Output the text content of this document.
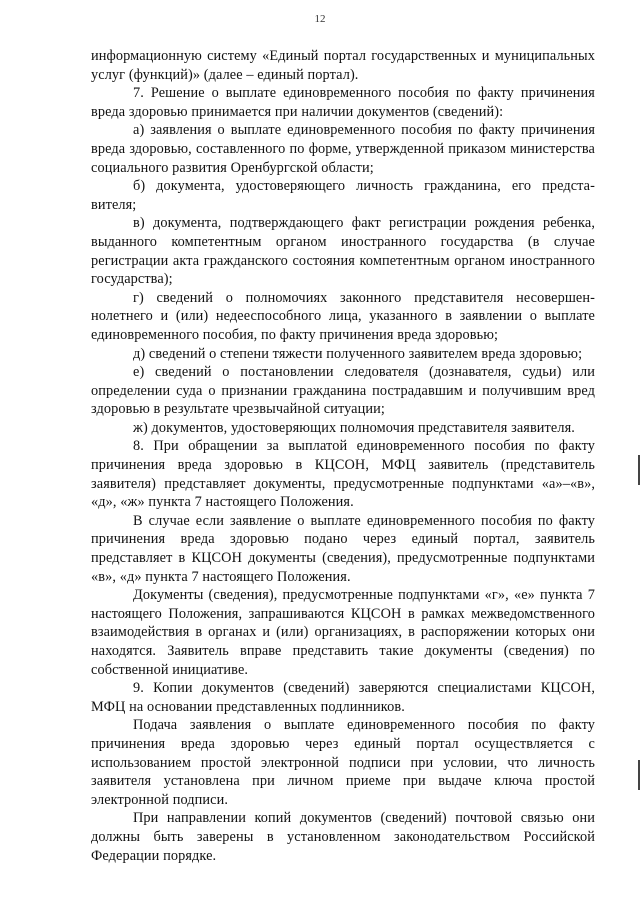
12

информационную систему «Единый портал государственных и муниципальных услуг (функций)» (далее – единый портал).

7. Решение о выплате единовременного пособия по факту причинения вреда здоровью принимается при наличии документов (сведений):

а) заявления о выплате единовременного пособия по факту причинения вреда здоровью, составленного по форме, утвержденной приказом министерства социального развития Оренбургской области;

б) документа, удостоверяющего личность гражданина, его предста-вителя;

в) документа, подтверждающего факт регистрации рождения ребенка, выданного компетентным органом иностранного государства (в случае регистрации акта гражданского состояния компетентным органом иностранного государства);

г) сведений о полномочиях законного представителя несовершен-нолетнего и (или) недееспособного лица, указанного в заявлении о выплате единовременного пособия, по факту причинения вреда здоровью;

д) сведений о степени тяжести полученного заявителем вреда здоровью;

е) сведений о постановлении следователя (дознавателя, судьи) или определении суда о признании гражданина пострадавшим и получившим вред здоровью в результате чрезвычайной ситуации;

ж) документов, удостоверяющих полномочия представителя заявителя.

8. При обращении за выплатой единовременного пособия по факту причинения вреда здоровью в КЦСОН, МФЦ заявитель (представитель заявителя) представляет документы, предусмотренные подпунктами «а»–«в», «д», «ж» пункта 7 настоящего Положения.

В случае если заявление о выплате единовременного пособия по факту причинения вреда здоровью подано через единый портал, заявитель представляет в КЦСОН документы (сведения), предусмотренные подпунктами «в», «д» пункта 7 настоящего Положения.

Документы (сведения), предусмотренные подпунктами «г», «е» пункта 7 настоящего Положения, запрашиваются КЦСОН в рамках межведомственного взаимодействия в органах и (или) организациях, в распоряжении которых они находятся. Заявитель вправе представить такие документы (сведения) по собственной инициативе.

9. Копии документов (сведений) заверяются специалистами КЦСОН, МФЦ на основании представленных подлинников.

Подача заявления о выплате единовременного пособия по факту причинения вреда здоровью через единый портал осуществляется с использованием простой электронной подписи при условии, что личность заявителя установлена при личном приеме при выдаче ключа простой электронной подписи.

При направлении копий документов (сведений) почтовой связью они должны быть заверены в установленном законодательством Российской Федерации порядке.
